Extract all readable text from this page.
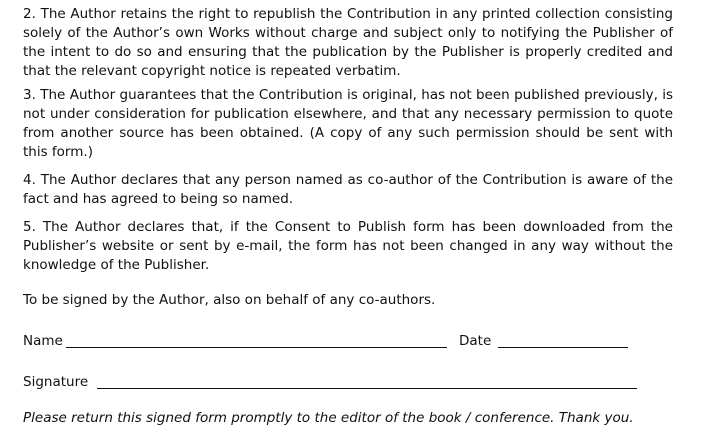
2. The Author retains the right to republish the Contribution in any printed collection consisting solely of the Author’s own Works without charge and subject only to notifying the Publisher of the intent to do so and ensuring that the publication by the Publisher is properly credited and that the relevant copyright notice is repeated verbatim.

3. The Author guarantees that the Contribution is original, has not been published previously, is not under consideration for publication elsewhere, and that any necessary permission to quote from another source has been obtained. (A copy of any such permission should be sent with this form.)

4. The Author declares that any person named as co-author of the Contribution is aware of the fact and has agreed to being so named.

5. The Author declares that, if the Consent to Publish form has been downloaded from the Publisher’s website or sent by e-mail, the form has not been changed in any way without the knowledge of the Publisher.

To be signed by the Author, also on behalf of any co-authors.

Name	Date
Signature

Please return this signed form promptly to the editor of the book / conference. Thank you.
